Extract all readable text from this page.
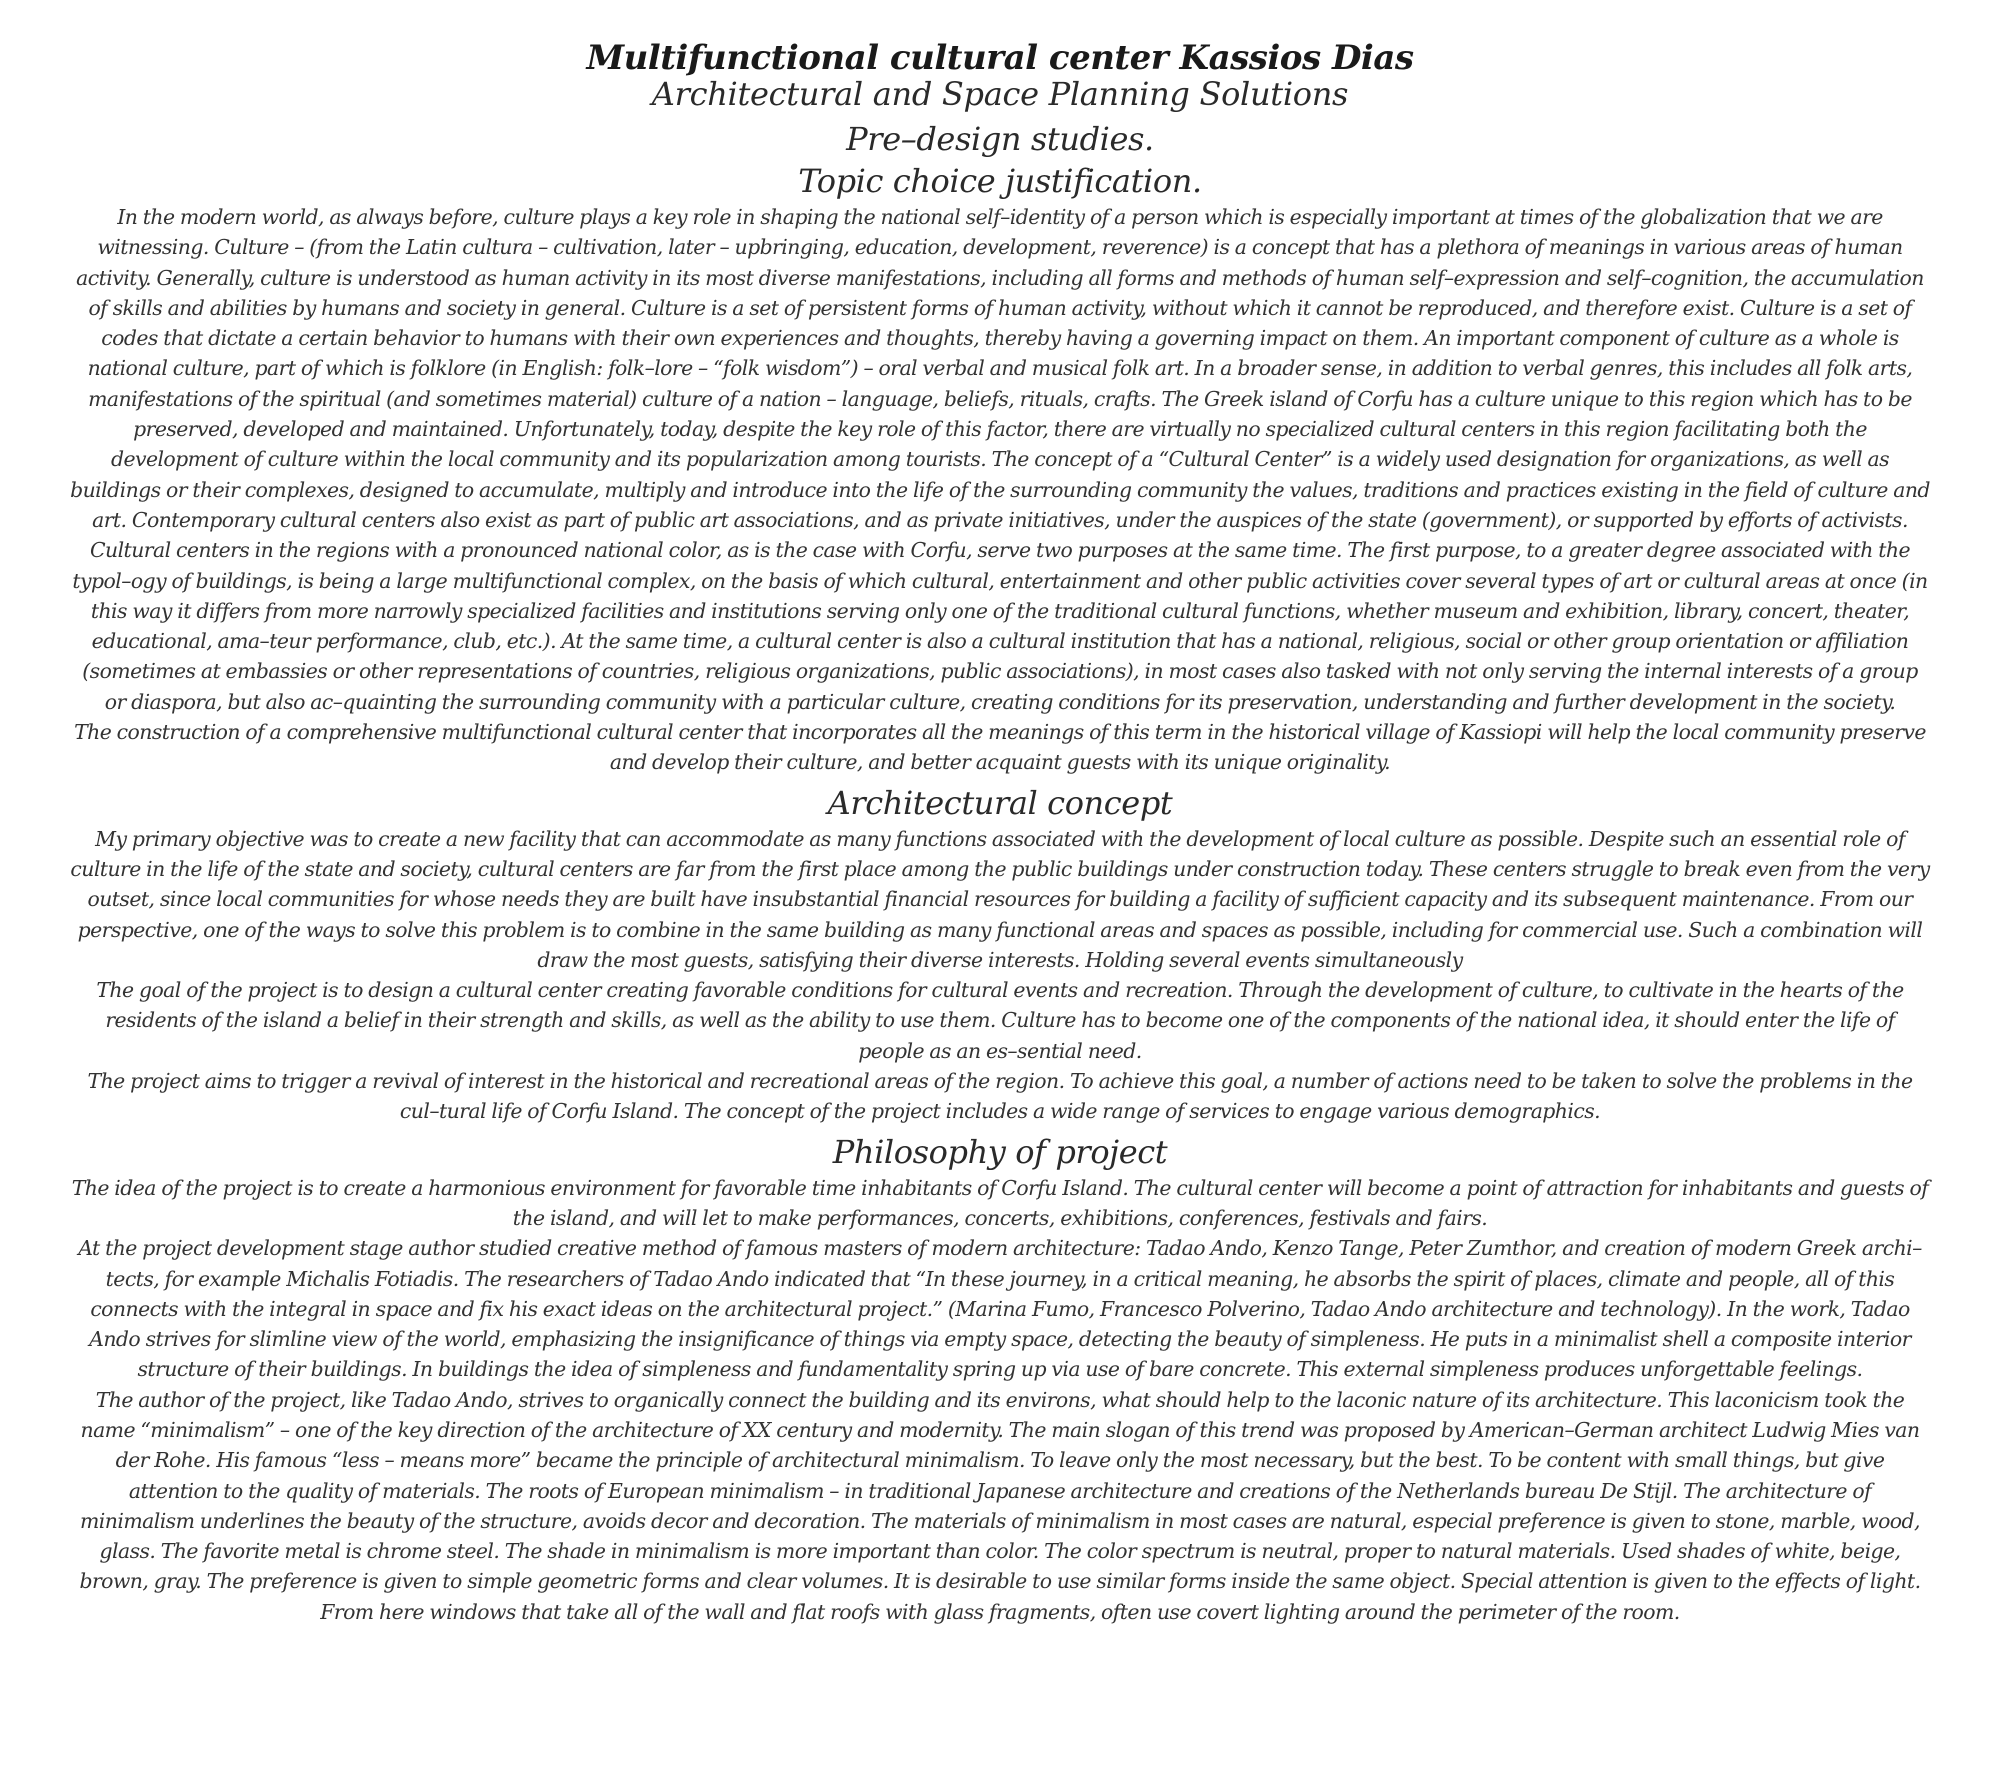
Multifunctional cultural center Kassios Dias
Architectural and Space Planning Solutions
Pre–design studies.
Topic choice justification.

In the modern world, as always before, culture plays a key role in shaping the national self–identity of a person which is especially important at times of the globalization that we are witnessing. Culture – (from the Latin cultura – cultivation, later – upbringing, education, development, reverence) is a concept that has a plethora of meanings in various areas of human activity. Generally, culture is understood as human activity in its most diverse manifestations, including all forms and methods of human self–expression and self–cognition, the accumulation of skills and abilities by humans and society in general. Culture is a set of persistent forms of human activity, without which it cannot be reproduced, and therefore exist. Culture is a set of codes that dictate a certain behavior to humans with their own experiences and thoughts, thereby having a governing impact on them. An important component of culture as a whole is national culture, part of which is folklore (in English: folk–lore – “folk wisdom”) – oral verbal and musical folk art. In a broader sense, in addition to verbal genres, this includes all folk arts, manifestations of the spiritual (and sometimes material) culture of a nation – language, beliefs, rituals, crafts. The Greek island of Corfu has a culture unique to this region which has to be preserved, developed and maintained. Unfortunately, today, despite the key role of this factor, there are virtually no specialized cultural centers in this region facilitating both the development of culture within the local community and its popularization among tourists. The concept of a “Cultural Center” is a widely used designation for organizations, as well as buildings or their complexes, designed to accumulate, multiply and introduce into the life of the surrounding community the values, traditions and practices existing in the field of culture and art. Contemporary cultural centers also exist as part of public art associations, and as private initiatives, under the auspices of the state (government), or supported by efforts of activists.

Cultural centers in the regions with a pronounced national color, as is the case with Corfu, serve two purposes at the same time. The first purpose, to a greater degree associated with the typol–ogy of buildings, is being a large multifunctional complex, on the basis of which cultural, entertainment and other public activities cover several types of art or cultural areas at once (in this way it differs from more narrowly specialized facilities and institutions serving only one of the traditional cultural functions, whether museum and exhibition, library, concert, theater, educational, ama–teur performance, club, etc.). At the same time, a cultural center is also a cultural institution that has a national, religious, social or other group orientation or affiliation (sometimes at embassies or other representations of countries, religious organizations, public associations), in most cases also tasked with not only serving the internal interests of a group or diaspora, but also ac–quainting the surrounding community with a particular culture, creating conditions for its preservation, understanding and further development in the society.

The construction of a comprehensive multifunctional cultural center that incorporates all the meanings of this term in the historical village of Kassiopi will help the local community preserve and develop their culture, and better acquaint guests with its unique originality.

Architectural concept

My primary objective was to create a new facility that can accommodate as many functions associated with the development of local culture as possible. Despite such an essential role of culture in the life of the state and society, cultural centers are far from the first place among the public buildings under construction today. These centers struggle to break even from the very outset, since local communities for whose needs they are built have insubstantial financial resources for building a facility of sufficient capacity and its subsequent maintenance. From our perspective, one of the ways to solve this problem is to combine in the same building as many functional areas and spaces as possible, including for commercial use. Such a combination will draw the most guests, satisfying their diverse interests. Holding several events simultaneously

The goal of the project is to design a cultural center creating favorable conditions for cultural events and recreation. Through the development of culture, to cultivate in the hearts of the residents of the island a belief in their strength and skills, as well as the ability to use them. Culture has to become one of the components of the national idea, it should enter the life of people as an es–sential need.

The project aims to trigger a revival of interest in the historical and recreational areas of the region. To achieve this goal, a number of actions need to be taken to solve the problems in the cul–tural life of Corfu Island. The concept of the project includes a wide range of services to engage various demographics.

Philosophy of project

The idea of the project is to create a harmonious environment for favorable time inhabitants of Corfu Island. The cultural center will become a point of attraction for inhabitants and guests of the island, and will let to make performances, concerts, exhibitions, conferences, festivals and fairs.

At the project development stage author studied creative method of famous masters of modern architecture: Tadao Ando, Kenzo Tange, Peter Zumthor, and creation of modern Greek archi–tects, for example Michalis Fotiadis. The researchers of Tadao Ando indicated that “In these journey, in a critical meaning, he absorbs the spirit of places, climate and people, all of this connects with the integral in space and fix his exact ideas on the architectural project.” (Marina Fumo, Francesco Polverino, Tadao Ando architecture and technology). In the work, Tadao Ando strives for slimline view of the world, emphasizing the insignificance of things via empty space, detecting the beauty of simpleness. He puts in a minimalist shell a composite interior structure of their buildings. In buildings the idea of simpleness and fundamentality spring up via use of bare concrete. This external simpleness produces unforgettable feelings.

The author of the project, like Tadao Ando, strives to organically connect the building and its environs, what should help to the laconic nature of its architecture. This laconicism took the name “minimalism” – one of the key direction of the architecture of XX century and modernity. The main slogan of this trend was proposed by American–German architect Ludwig Mies van der Rohe. His famous “less – means more” became the principle of architectural minimalism. To leave only the most necessary, but the best. To be content with small things, but give attention to the quality of materials. The roots of European minimalism – in traditional Japanese architecture and creations of the Netherlands bureau De Stijl. The architecture of minimalism underlines the beauty of the structure, avoids decor and decoration. The materials of minimalism in most cases are natural, especial preference is given to stone, marble, wood, glass. The favorite metal is chrome steel. The shade in minimalism is more important than color. The color spectrum is neutral, proper to natural materials. Used shades of white, beige, brown, gray. The preference is given to simple geometric forms and clear volumes. It is desirable to use similar forms inside the same object. Special attention is given to the effects of light. From here windows that take all of the wall and flat roofs with glass fragments, often use covert lighting around the perimeter of the room.
